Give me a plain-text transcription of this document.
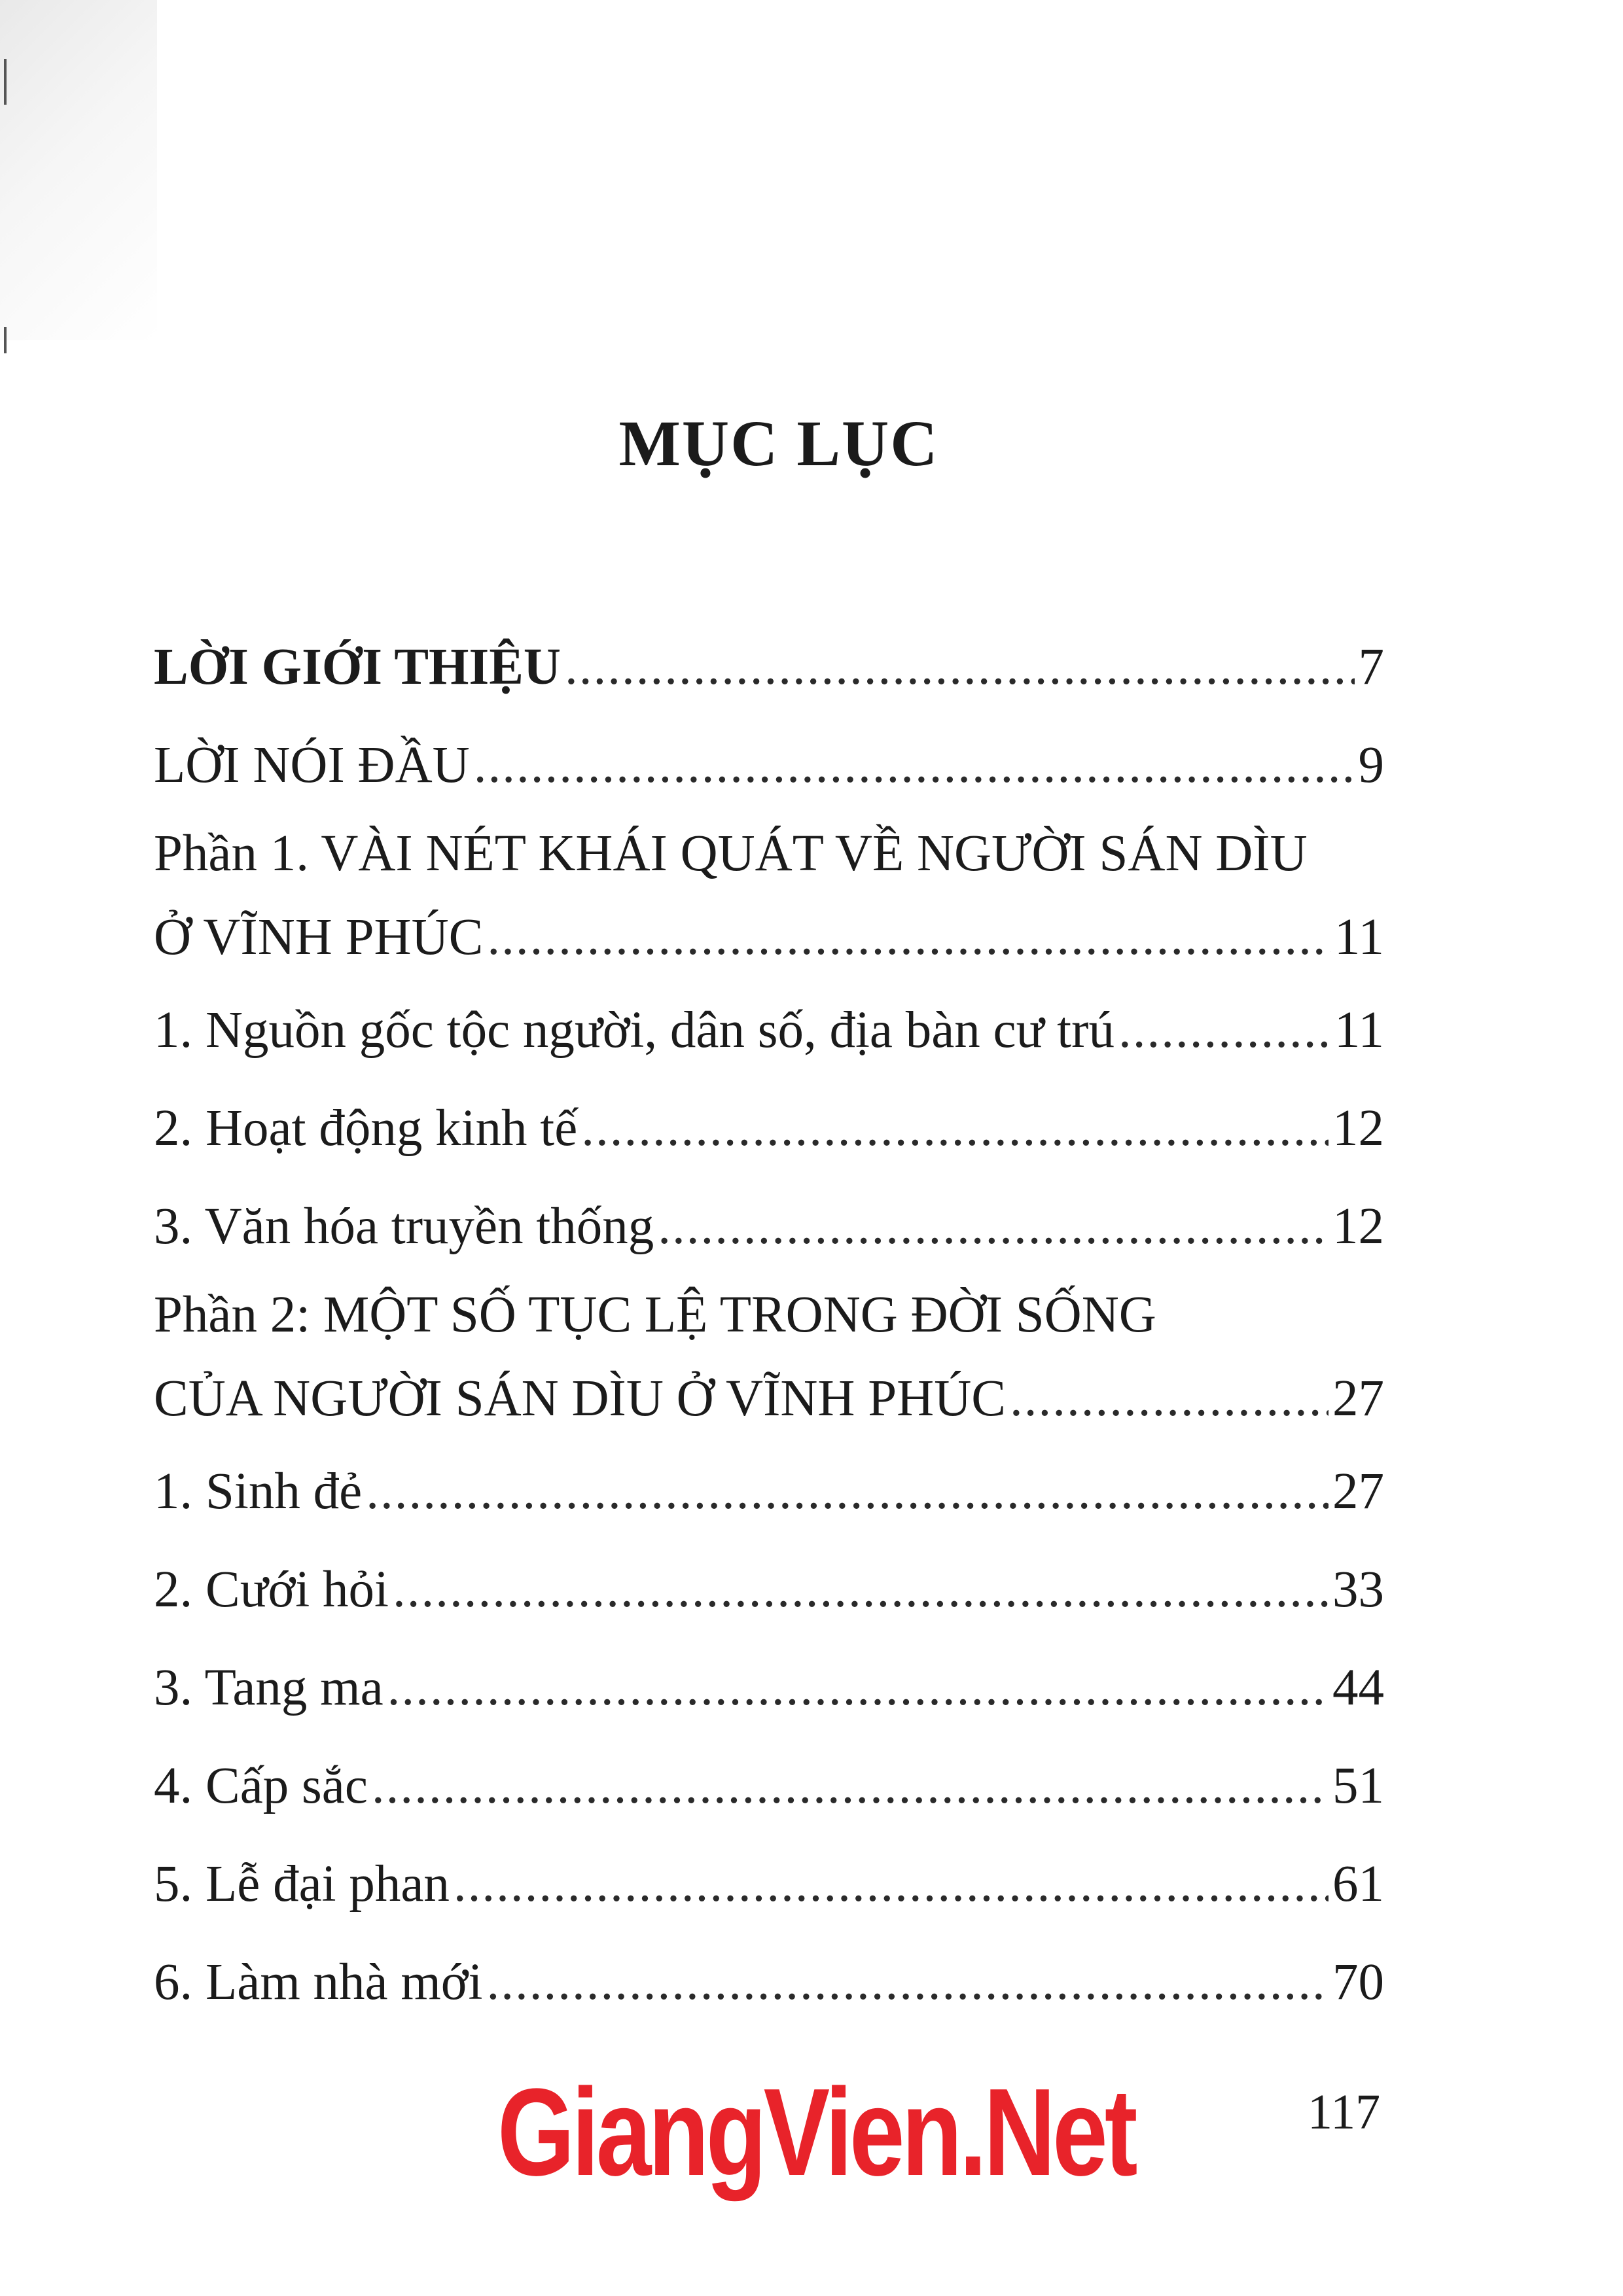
MỤC LỤC
LỜI GIỚI THIỆU .....	7
LỜI NÓI ĐẦU .....	9
Phần 1. VÀI NÉT KHÁI QUÁT VỀ NGƯỜI SÁN DÌU
Ở VĨNH PHÚC .....	11
1. Nguồn gốc tộc người, dân số, địa bàn cư trú .....	11
2. Hoạt động kinh tế .....	12
3. Văn hóa truyền thống .....	12
Phần 2: MỘT SỐ TỤC LỆ TRONG ĐỜI SỐNG
CỦA NGƯỜI SÁN DÌU Ở VĨNH PHÚC .....	27
1. Sinh đẻ .....	27
2. Cưới hỏi .....	33
3. Tang ma .....	44
4. Cấp sắc .....	51
5. Lễ đại phan .....	61
6. Làm nhà mới .....	70
GiangVien.Net	117
